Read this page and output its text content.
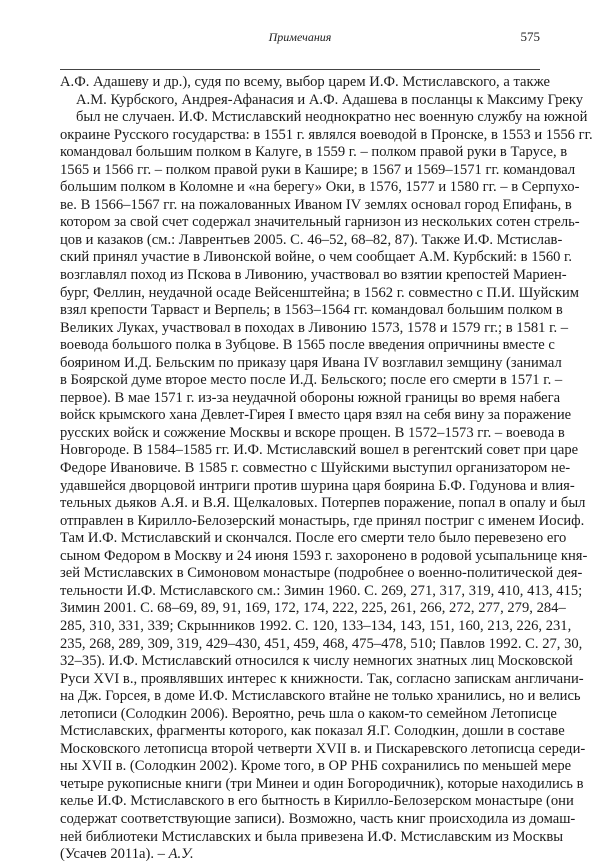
Примечания	575
А.Ф. Адашеву и др.), судя по всему, выбор царем И.Ф. Мстиславского, а также
А.М. Курбского, Андрея-Афанасия и А.Ф. Адашева в посланцы к Максиму Греку
был не случаен. И.Ф. Мстиславский неоднократно нес военную службу на южной
окраине Русского государства: в 1551 г. являлся воеводой в Пронске, в 1553 и 1556 гг.
командовал большим полком в Калуге, в 1559 г. – полком правой руки в Тарусе, в
1565 и 1566 гг. – полком правой руки в Кашире; в 1567 и 1569–1571 гг. командовал
большим полком в Коломне и «на берегу» Оки, в 1576, 1577 и 1580 гг. – в Серпухо-
ве. В 1566–1567 гг. на пожалованных Иваном IV землях основал город Епифань, в
котором за свой счет содержал значительный гарнизон из нескольких сотен стрель-
цов и казаков (см.: Лаврентьев 2005. С. 46–52, 68–82, 87). Также И.Ф. Мстислав-
ский принял участие в Ливонской войне, о чем сообщает А.М. Курбский: в 1560 г.
возглавлял поход из Пскова в Ливонию, участвовал во взятии крепостей Мариен-
бург, Феллин, неудачной осаде Вейсенштейна; в 1562 г. совместно с П.И. Шуйским
взял крепости Тарваст и Верпель; в 1563–1564 гг. командовал большим полком в
Великих Луках, участвовал в походах в Ливонию 1573, 1578 и 1579 гг.; в 1581 г. –
воевода большого полка в Зубцове. В 1565 после введения опричнины вместе с
боярином И.Д. Бельским по приказу царя Ивана IV возглавил земщину (занимал
в Боярской думе второе место после И.Д. Бельского; после его смерти в 1571 г. –
первое). В мае 1571 г. из-за неудачной обороны южной границы во время набега
войск крымского хана Девлет-Гирея I вместо царя взял на себя вину за поражение
русских войск и сожжение Москвы и вскоре прощен. В 1572–1573 гг. – воевода в
Новгороде. В 1584–1585 гг. И.Ф. Мстиславский вошел в регентский совет при царе
Федоре Ивановиче. В 1585 г. совместно с Шуйскими выступил организатором не-
удавшейся дворцовой интриги против шурина царя боярина Б.Ф. Годунова и влия-
тельных дьяков А.Я. и В.Я. Щелкаловых. Потерпев поражение, попал в опалу и был
отправлен в Кирилло-Белозерский монастырь, где принял постриг с именем Иосиф.
Там И.Ф. Мстиславский и скончался. После его смерти тело было перевезено его
сыном Федором в Москву и 24 июня 1593 г. захоронено в родовой усыпальнице кня-
зей Мстиславских в Симоновом монастыре (подробнее о военно-политической дея-
тельности И.Ф. Мстиславского см.: Зимин 1960. С. 269, 271, 317, 319, 410, 413, 415;
Зимин 2001. С. 68–69, 89, 91, 169, 172, 174, 222, 225, 261, 266, 272, 277, 279, 284–
285, 310, 331, 339; Скрынников 1992. С. 120, 133–134, 143, 151, 160, 213, 226, 231,
235, 268, 289, 309, 319, 429–430, 451, 459, 468, 475–478, 510; Павлов 1992. С. 27, 30,
32–35). И.Ф. Мстиславский относился к числу немногих знатных лиц Московской
Руси XVI в., проявлявших интерес к книжности. Так, согласно запискам англичани-
на Дж. Горсея, в доме И.Ф. Мстиславского втайне не только хранились, но и велись
летописи (Солодкин 2006). Вероятно, речь шла о каком-то семейном Летописце
Мстиславских, фрагменты которого, как показал Я.Г. Солодкин, дошли в составе
Московского летописца второй четверти XVII в. и Пискаревского летописца середи-
ны XVII в. (Солодкин 2002). Кроме того, в ОР РНБ сохранились по меньшей мере
четыре рукописные книги (три Минеи и один Богородичник), которые находились в
келье И.Ф. Мстиславского в его бытность в Кирилло-Белозерском монастыре (они
содержат соответствующие записи). Возможно, часть книг происходила из домаш-
ней библиотеки Мстиславских и была привезена И.Ф. Мстиславским из Москвы
(Усачев 2011а). – А.У.
